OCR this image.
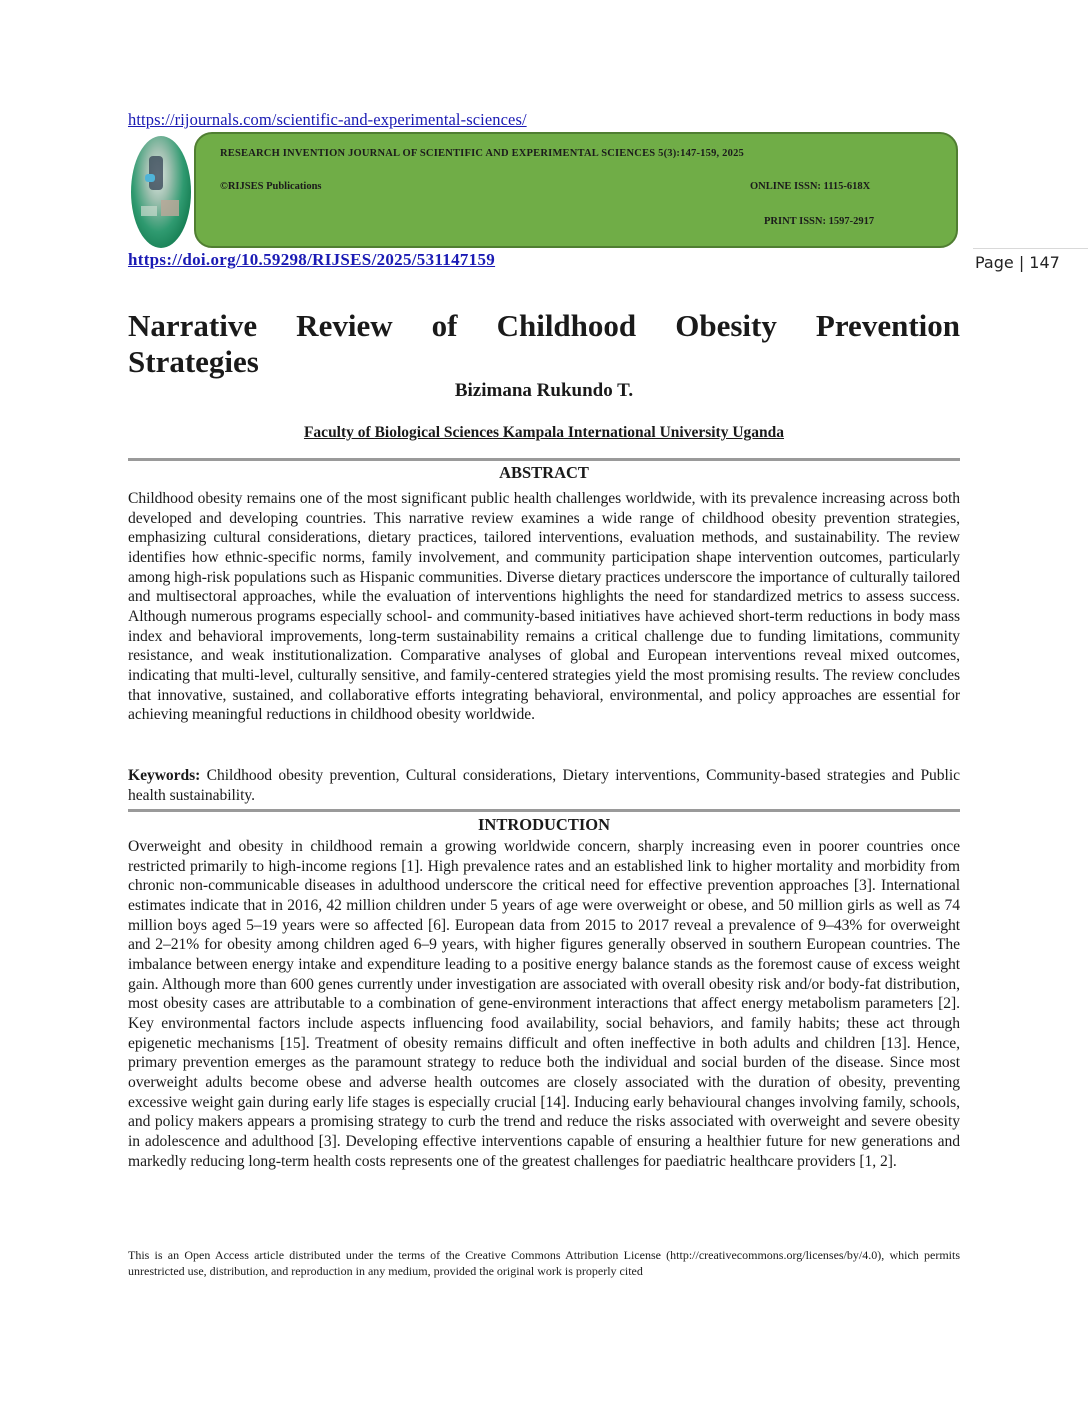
https://rijournals.com/scientific-and-experimental-sciences/
RESEARCH INVENTION JOURNAL OF SCIENTIFIC AND EXPERIMENTAL SCIENCES 5(3):147-159, 2025
©RIJSES Publications	ONLINE ISSN: 1115-618X
PRINT ISSN: 1597-2917
https://doi.org/10.59298/RIJSES/2025/531147159	Page | 147
Narrative Review of Childhood Obesity Prevention
Strategies
Bizimana Rukundo T.
Faculty of Biological Sciences Kampala International University Uganda
ABSTRACT

Childhood obesity remains one of the most significant public health challenges worldwide, with its prevalence increasing across both developed and developing countries. This narrative review examines a wide range of childhood obesity prevention strategies, emphasizing cultural considerations, dietary practices, tailored interventions, evaluation methods, and sustainability. The review identifies how ethnic-specific norms, family involvement, and community participation shape intervention outcomes, particularly among high-risk populations such as Hispanic communities. Diverse dietary practices underscore the importance of culturally tailored and multisectoral approaches, while the evaluation of interventions highlights the need for standardized metrics to assess success. Although numerous programs especially school- and community-based initiatives have achieved short-term reductions in body mass index and behavioral improvements, long-term sustainability remains a critical challenge due to funding limitations, community resistance, and weak institutionalization. Comparative analyses of global and European interventions reveal mixed outcomes, indicating that multi-level, culturally sensitive, and family-centered strategies yield the most promising results. The review concludes that innovative, sustained, and collaborative efforts integrating behavioral, environmental, and policy approaches are essential for achieving meaningful reductions in childhood obesity worldwide.

Keywords: Childhood obesity prevention, Cultural considerations, Dietary interventions, Community-based strategies and Public health sustainability.

INTRODUCTION

Overweight and obesity in childhood remain a growing worldwide concern, sharply increasing even in poorer countries once restricted primarily to high-income regions [1]. High prevalence rates and an established link to higher mortality and morbidity from chronic non-communicable diseases in adulthood underscore the critical need for effective prevention approaches [3]. International estimates indicate that in 2016, 42 million children under 5 years of age were overweight or obese, and 50 million girls as well as 74 million boys aged 5–19 years were so affected [6]. European data from 2015 to 2017 reveal a prevalence of 9–43% for overweight and 2–21% for obesity among children aged 6–9 years, with higher figures generally observed in southern European countries. The imbalance between energy intake and expenditure leading to a positive energy balance stands as the foremost cause of excess weight gain. Although more than 600 genes currently under investigation are associated with overall obesity risk and/or body-fat distribution, most obesity cases are attributable to a combination of gene-environment interactions that affect energy metabolism parameters [2]. Key environmental factors include aspects influencing food availability, social behaviors, and family habits; these act through epigenetic mechanisms [15]. Treatment of obesity remains difficult and often ineffective in both adults and children [13]. Hence, primary prevention emerges as the paramount strategy to reduce both the individual and social burden of the disease. Since most overweight adults become obese and adverse health outcomes are closely associated with the duration of obesity, preventing excessive weight gain during early life stages is especially crucial [14]. Inducing early behavioural changes involving family, schools, and policy makers appears a promising strategy to curb the trend and reduce the risks associated with overweight and severe obesity in adolescence and adulthood [3]. Developing effective interventions capable of ensuring a healthier future for new generations and markedly reducing long-term health costs represents one of the greatest challenges for paediatric healthcare providers [1, 2].

This is an Open Access article distributed under the terms of the Creative Commons Attribution License (http://creativecommons.org/licenses/by/4.0), which permits unrestricted use, distribution, and reproduction in any medium, provided the original work is properly cited
